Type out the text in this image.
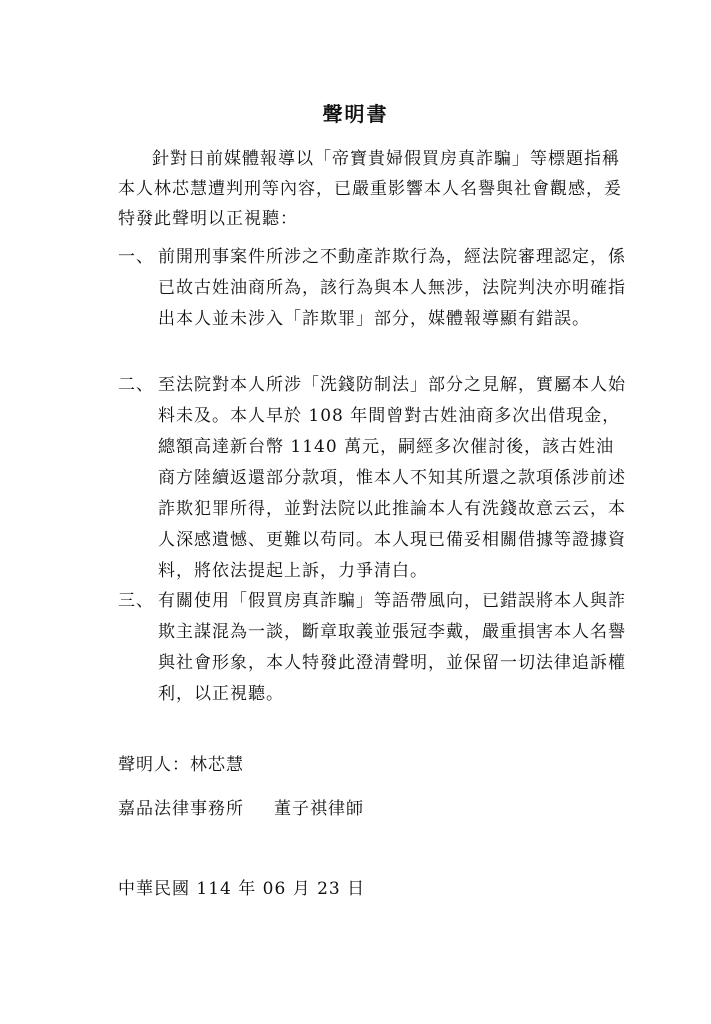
聲明書
針對日前媒體報導以「帝寶貴婦假買房真詐騙」等標題指稱本人林芯慧遭判刑等內容，已嚴重影響本人名譽與社會觀感，爰特發此聲明以正視聽：
一、 前開刑事案件所涉之不動產詐欺行為，經法院審理認定，係已故古姓油商所為，該行為與本人無涉，法院判決亦明確指出本人並未涉入「詐欺罪」部分，媒體報導顯有錯誤。
二、 至法院對本人所涉「洗錢防制法」部分之見解，實屬本人始料未及。本人早於 108 年間曾對古姓油商多次出借現金，總額高達新台幣 1140 萬元，嗣經多次催討後，該古姓油商方陸續返還部分款項，惟本人不知其所還之款項係涉前述詐欺犯罪所得，並對法院以此推論本人有洗錢故意云云，本人深感遺憾、更難以苟同。本人現已備妥相關借據等證據資料，將依法提起上訴，力爭清白。
三、 有關使用「假買房真詐騙」等語帶風向，已錯誤將本人與詐欺主謀混為一談，斷章取義並張冠李戴，嚴重損害本人名譽與社會形象，本人特發此澄清聲明，並保留一切法律追訴權利，以正視聽。
聲明人：林芯慧
嘉品法律事務所 董子祺律師
中華民國 114 年 06 月 23 日
